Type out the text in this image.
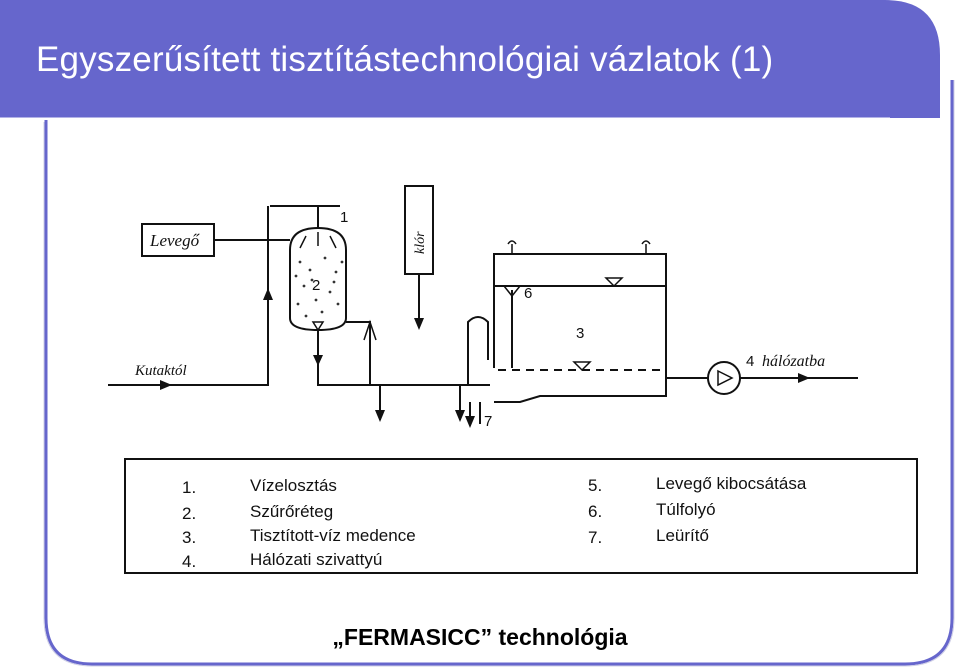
Egyszerűsített tisztítástechnológiai vázlatok (1)
Levegő
Kutaktól
hálózatba
klór
1
2
3
4
6
7
1.	Vízelosztás
2.	Szűrőréteg
3.	Tisztított-víz medence
4.	Hálózati szivattyú
5.	Levegő kibocsátása
6.	Túlfolyó
7.	Leürítő
„FERMASICC” technológia
